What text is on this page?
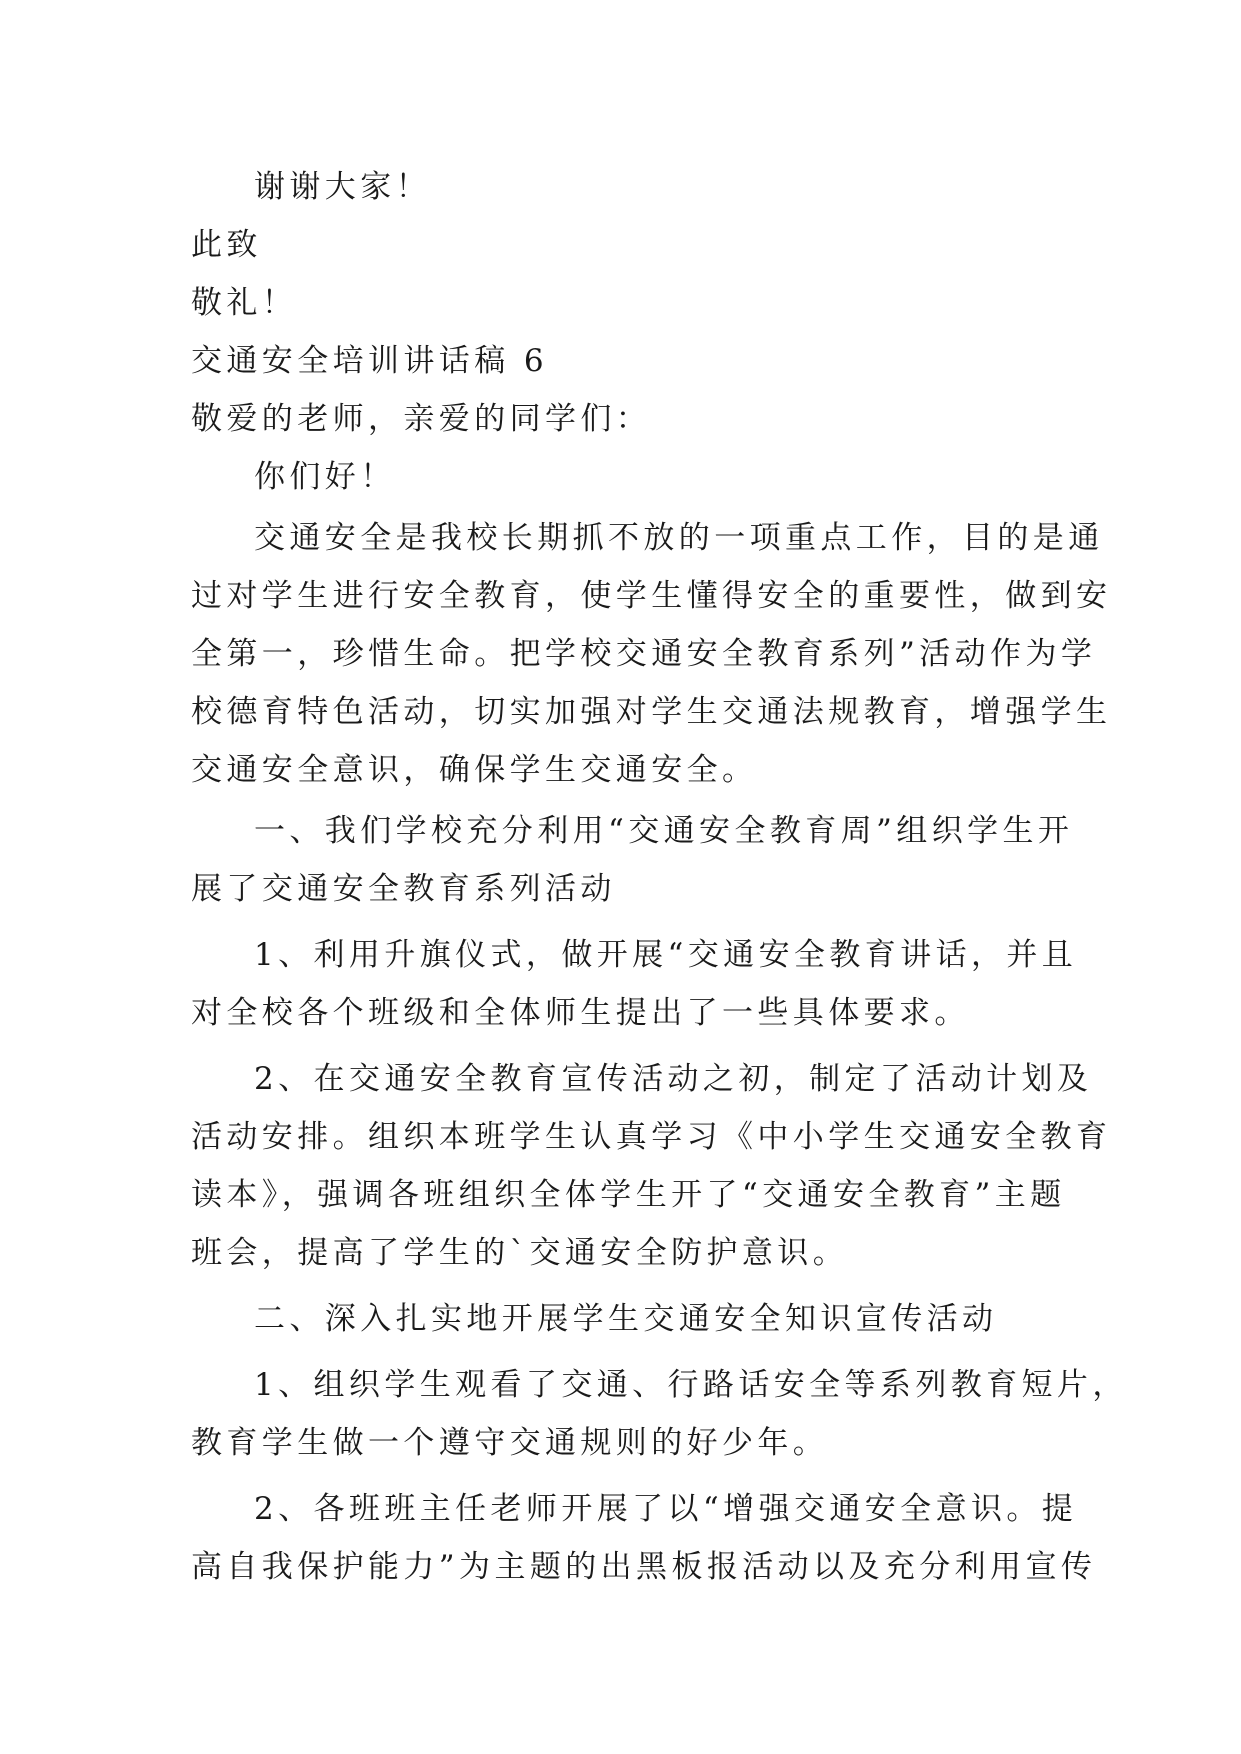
谢谢大家！

此致

敬礼！

交通安全培训讲话稿 6

敬爱的老师，亲爱的同学们：

你们好！

交通安全是我校长期抓不放的一项重点工作，目的是通

过对学生进行安全教育，使学生懂得安全的重要性，做到安

全第一，珍惜生命。把学校交通安全教育系列”活动作为学

校德育特色活动，切实加强对学生交通法规教育，增强学生

交通安全意识，确保学生交通安全。

一、我们学校充分利用“交通安全教育周”组织学生开

展了交通安全教育系列活动

1、利用升旗仪式，做开展“交通安全教育讲话，并且

对全校各个班级和全体师生提出了一些具体要求。

2、在交通安全教育宣传活动之初，制定了活动计划及

活动安排。组织本班学生认真学习《中小学生交通安全教育

读本》，强调各班组织全体学生开了“交通安全教育”主题

班会，提高了学生的`交通安全防护意识。

二、深入扎实地开展学生交通安全知识宣传活动

1、组织学生观看了交通、行路话安全等系列教育短片，

教育学生做一个遵守交通规则的好少年。

2、各班班主任老师开展了以“增强交通安全意识。提

高自我保护能力”为主题的出黑板报活动以及充分利用宣传
